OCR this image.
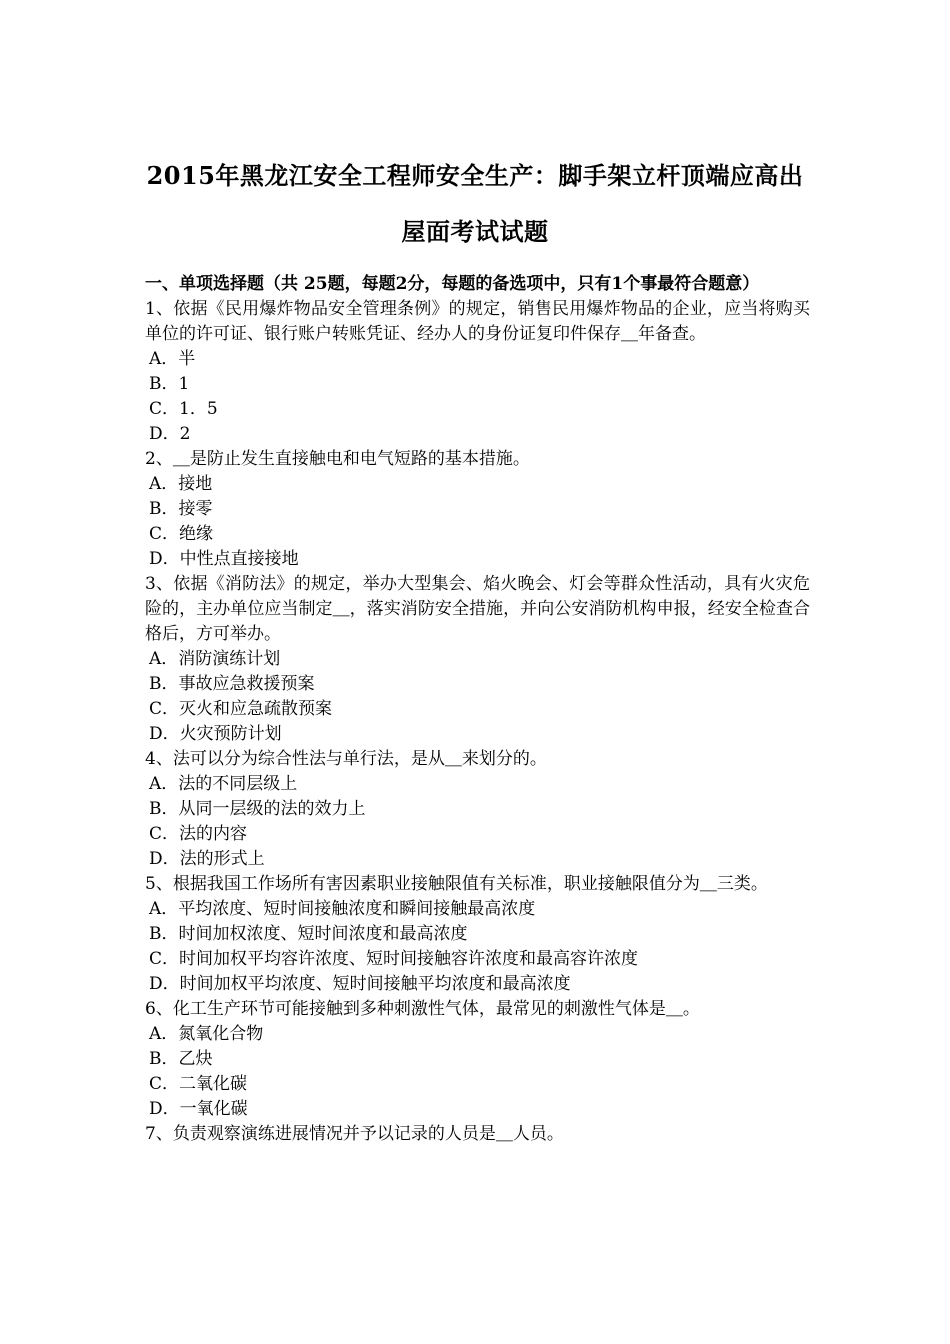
2015年黑龙江安全工程师安全生产：脚手架立杆顶端应高出屋面考试试题
一、单项选择题（共 25题，每题2分，每题的备选项中，只有1个事最符合题意）
1、依据《民用爆炸物品安全管理条例》的规定，销售民用爆炸物品的企业，应当将购买单位的许可证、银行账户转账凭证、经办人的身份证复印件保存＿年备查。
A．半
B．1
C．1．5
D．2
2、＿是防止发生直接触电和电气短路的基本措施。
A．接地
B．接零
C．绝缘
D．中性点直接接地
3、依据《消防法》的规定，举办大型集会、焰火晚会、灯会等群众性活动，具有火灾危险的，主办单位应当制定＿，落实消防安全措施，并向公安消防机构申报，经安全检查合格后，方可举办。
A．消防演练计划
B．事故应急救援预案
C．灭火和应急疏散预案
D．火灾预防计划
4、法可以分为综合性法与单行法，是从＿来划分的。
A．法的不同层级上
B．从同一层级的法的效力上
C．法的内容
D．法的形式上
5、根据我国工作场所有害因素职业接触限值有关标准，职业接触限值分为＿三类。
A．平均浓度、短时间接触浓度和瞬间接触最高浓度
B．时间加权浓度、短时间浓度和最高浓度
C．时间加权平均容许浓度、短时间接触容许浓度和最高容许浓度
D．时间加权平均浓度、短时间接触平均浓度和最高浓度
6、化工生产环节可能接触到多种刺激性气体，最常见的刺激性气体是＿。
A．氮氧化合物
B．乙炔
C．二氧化碳
D．一氧化碳
7、负责观察演练进展情况并予以记录的人员是＿人员。
